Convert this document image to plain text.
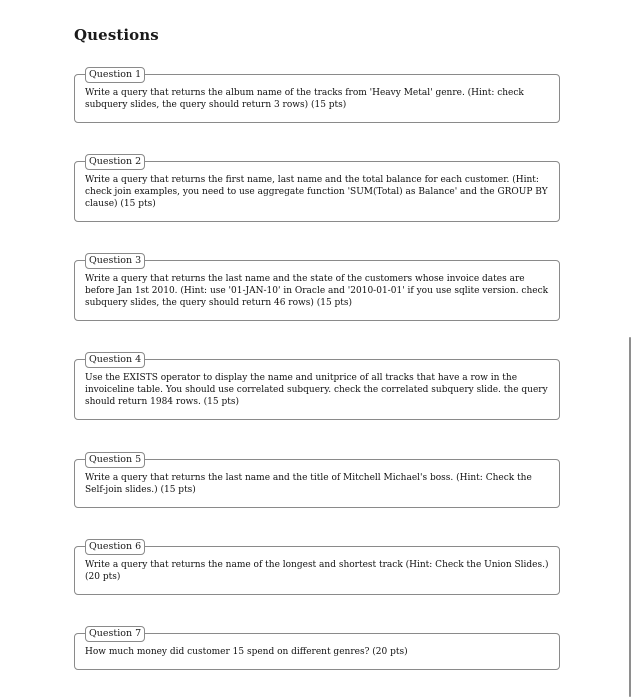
Questions
Question 1
Write a query that returns the album name of the tracks from 'Heavy Metal' genre. (Hint: check subquery slides, the query should return 3 rows) (15 pts)
Question 2
Write a query that returns the first name, last name and the total balance for each customer. (Hint: check join examples, you need to use aggregate function 'SUM(Total) as Balance' and the GROUP BY clause) (15 pts)
Question 3
Write a query that returns the last name and the state of the customers whose invoice dates are before Jan 1st 2010. (Hint: use '01-JAN-10' in Oracle and '2010-01-01' if you use sqlite version. check subquery slides, the query should return 46 rows) (15 pts)
Question 4
Use the EXISTS operator to display the name and unitprice of all tracks that have a row in the invoiceline table. You should use correlated subquery. check the correlated subquery slide. the query should return 1984 rows. (15 pts)
Question 5
Write a query that returns the last name and the title of Mitchell Michael's boss. (Hint: Check the Self-join slides.) (15 pts)
Question 6
Write a query that returns the name of the longest and shortest track (Hint: Check the Union Slides.) (20 pts)
Question 7
How much money did customer 15 spend on different genres? (20 pts)
